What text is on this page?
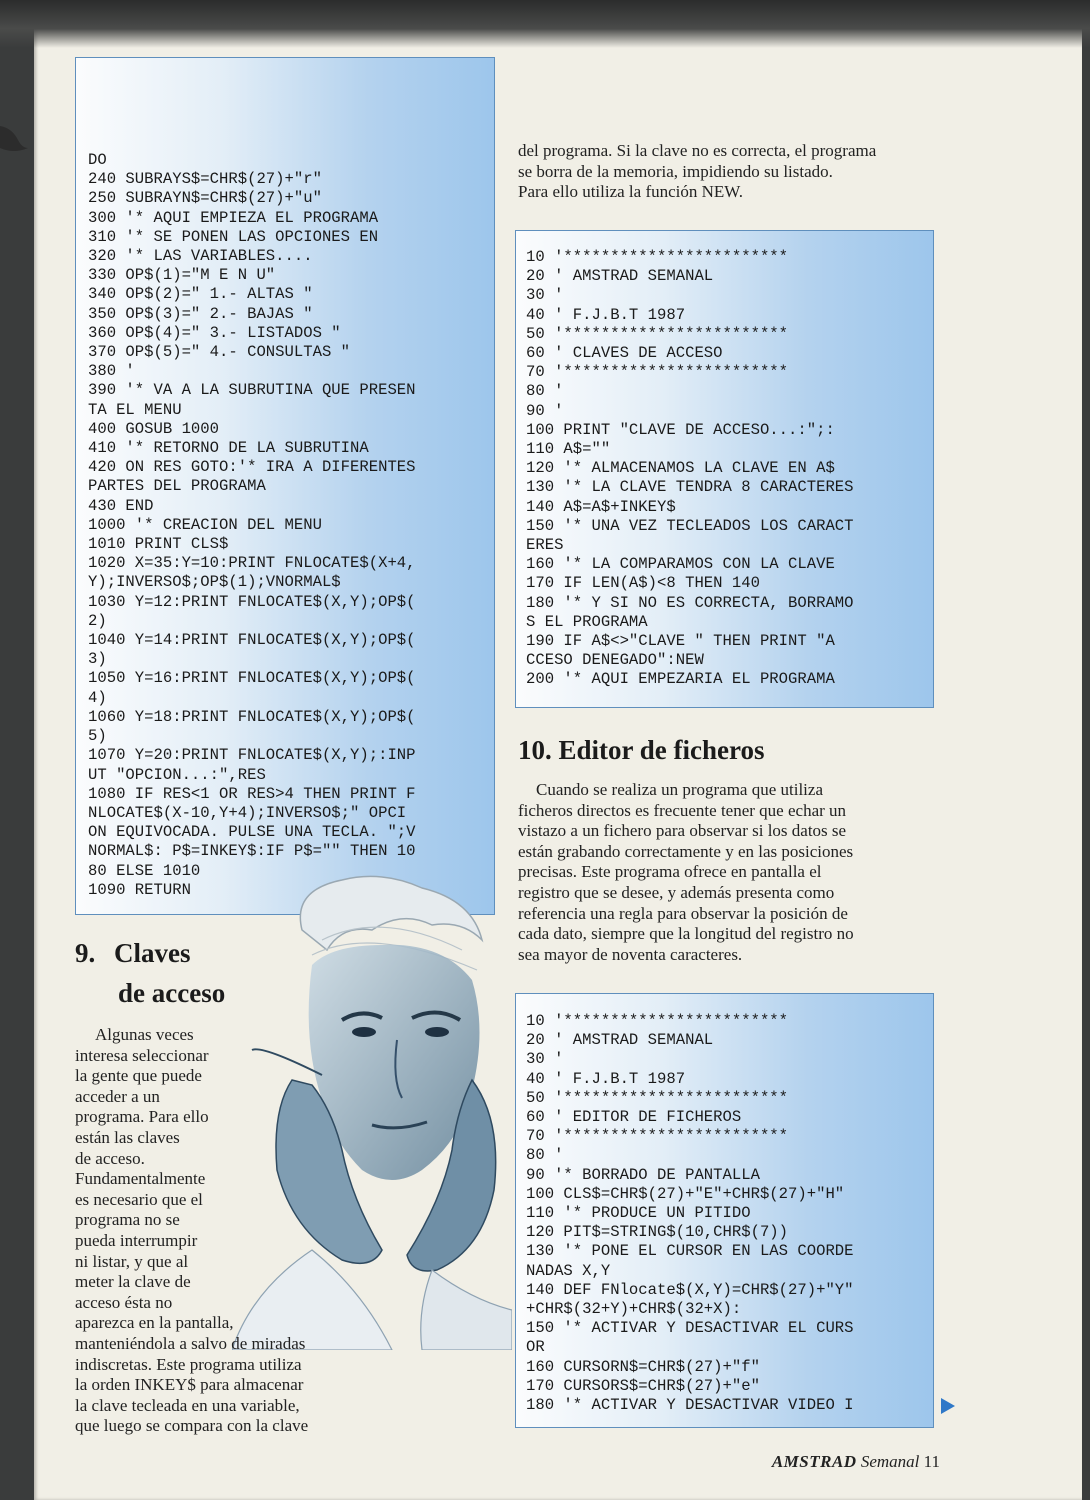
DO
240 SUBRAYS$=CHR$(27)+"r"
250 SUBRAYN$=CHR$(27)+"u"
300 '* AQUI EMPIEZA EL PROGRAMA
310 '* SE PONEN LAS OPCIONES EN
320 '* LAS VARIABLES....
330 OP$(1)="M E N U"
340 OP$(2)=" 1.- ALTAS "
350 OP$(3)=" 2.- BAJAS "
360 OP$(4)=" 3.- LISTADOS "
370 OP$(5)=" 4.- CONSULTAS "
380 '
390 '* VA A LA SUBRUTINA QUE PRESEN
TA EL MENU
400 GOSUB 1000
410 '* RETORNO DE LA SUBRUTINA
420 ON RES GOTO:'* IRA A DIFERENTES
PARTES DEL PROGRAMA
430 END
1000 '* CREACION DEL MENU
1010 PRINT CLS$
1020 X=35:Y=10:PRINT FNLOCATE$(X+4,
Y);INVERSO$;OP$(1);VNORMAL$
1030 Y=12:PRINT FNLOCATE$(X,Y);OP$(
2)
1040 Y=14:PRINT FNLOCATE$(X,Y);OP$(
3)
1050 Y=16:PRINT FNLOCATE$(X,Y);OP$(
4)
1060 Y=18:PRINT FNLOCATE$(X,Y);OP$(
5)
1070 Y=20:PRINT FNLOCATE$(X,Y);:INP
UT "OPCION...:",RES
1080 IF RES<1 OR RES>4 THEN PRINT F
NLOCATE$(X-10,Y+4);INVERSO$;" OPCI
ON EQUIVOCADA. PULSE UNA TECLA. ";V
NORMAL$: P$=INKEY$:IF P$="" THEN 10
80 ELSE 1010
1090 RETURN
9. Claves
de acceso
Algunas veces
interesa seleccionar
la gente que puede
acceder a un
programa. Para ello
están las claves
de acceso.
Fundamentalmente
es necesario que el
programa no se
pueda interrumpir
ni listar, y que al
meter la clave de
acceso ésta no
aparezca en la pantalla,
manteniéndola a salvo de miradas
indiscretas. Este programa utiliza
la orden INKEY$ para almacenar
la clave tecleada en una variable,
que luego se compara con la clave
del programa. Si la clave no es correcta, el programa
se borra de la memoria, impidiendo su listado.
Para ello utiliza la función NEW.
10 '************************
20 ' AMSTRAD SEMANAL
30 '
40 ' F.J.B.T 1987
50 '************************
60 ' CLAVES DE ACCESO
70 '************************
80 '
90 '
100 PRINT "CLAVE DE ACCESO...:";:
110 A$=""
120 '* ALMACENAMOS LA CLAVE EN A$
130 '* LA CLAVE TENDRA 8 CARACTERES
140 A$=A$+INKEY$
150 '* UNA VEZ TECLEADOS LOS CARACT
ERES
160 '* LA COMPARAMOS CON LA CLAVE
170 IF LEN(A$)<8 THEN 140
180 '* Y SI NO ES CORRECTA, BORRAMO
S EL PROGRAMA
190 IF A$<>"CLAVE " THEN PRINT "A
CCESO DENEGADO":NEW
200 '* AQUI EMPEZARIA EL PROGRAMA
10. Editor de ficheros
Cuando se realiza un programa que utiliza
ficheros directos es frecuente tener que echar un
vistazo a un fichero para observar si los datos se
están grabando correctamente y en las posiciones
precisas. Este programa ofrece en pantalla el
registro que se desee, y además presenta como
referencia una regla para observar la posición de
cada dato, siempre que la longitud del registro no
sea mayor de noventa caracteres.
10 '************************
20 ' AMSTRAD SEMANAL
30 '
40 ' F.J.B.T 1987
50 '************************
60 ' EDITOR DE FICHEROS
70 '************************
80 '
90 '* BORRADO DE PANTALLA
100 CLS$=CHR$(27)+"E"+CHR$(27)+"H"
110 '* PRODUCE UN PITIDO
120 PIT$=STRING$(10,CHR$(7))
130 '* PONE EL CURSOR EN LAS COORDE
NADAS X,Y
140 DEF FNlocate$(X,Y)=CHR$(27)+"Y"
+CHR$(32+Y)+CHR$(32+X):
150 '* ACTIVAR Y DESACTIVAR EL CURS
OR
160 CURSORN$=CHR$(27)+"f"
170 CURSORS$=CHR$(27)+"e"
180 '* ACTIVAR Y DESACTIVAR VIDEO I
AMSTRAD Semanal 11
